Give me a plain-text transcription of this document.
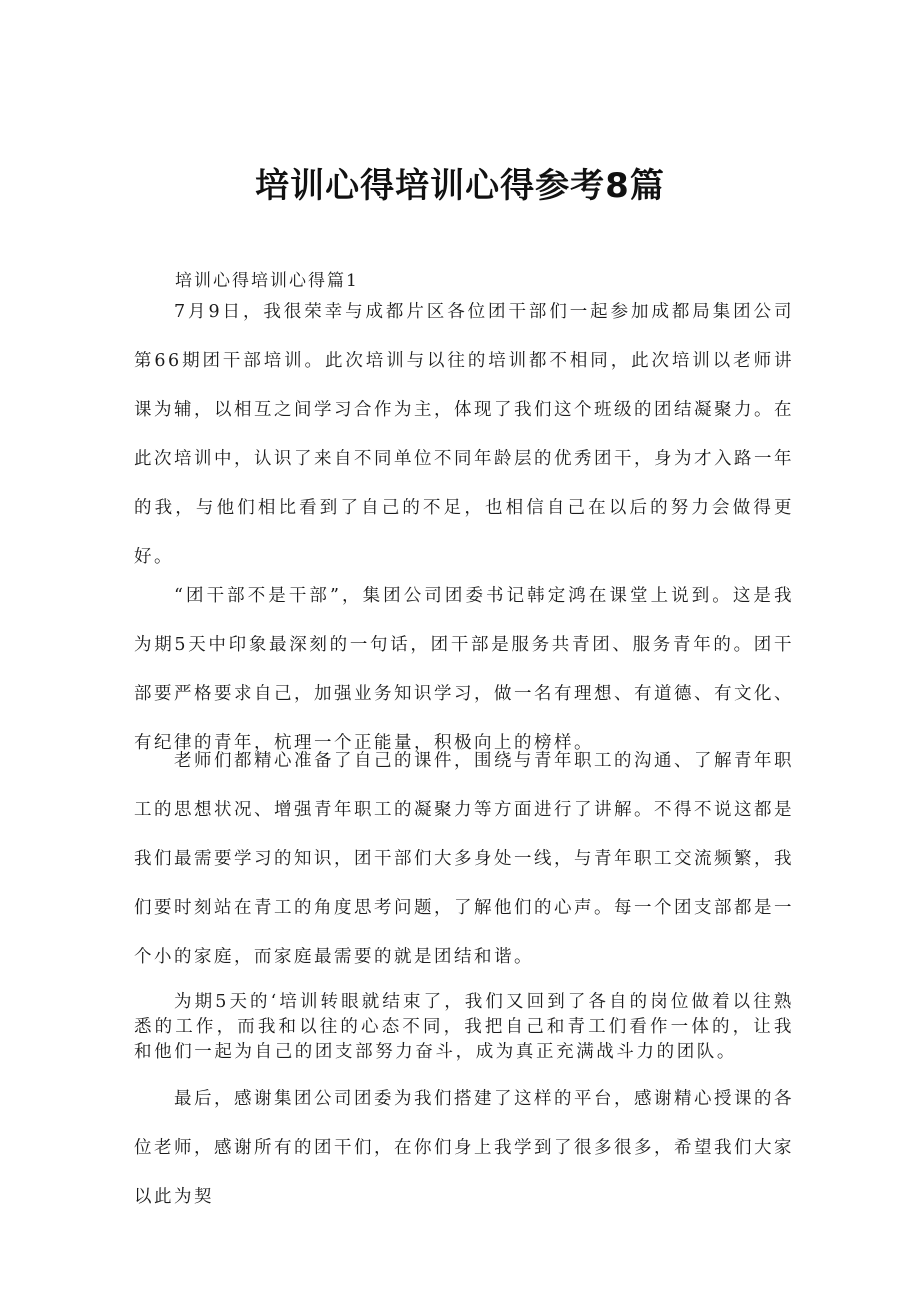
培训心得培训心得参考8篇
培训心得培训心得篇1

7月9日，我很荣幸与成都片区各位团干部们一起参加成都局集团公司第66期团干部培训。此次培训与以往的培训都不相同，此次培训以老师讲课为辅，以相互之间学习合作为主，体现了我们这个班级的团结凝聚力。在此次培训中，认识了来自不同单位不同年龄层的优秀团干，身为才入路一年的我，与他们相比看到了自己的不足，也相信自己在以后的努力会做得更好。

“团干部不是干部”，集团公司团委书记韩定鸿在课堂上说到。这是我为期5天中印象最深刻的一句话，团干部是服务共青团、服务青年的。团干部要严格要求自己，加强业务知识学习，做一名有理想、有道德、有文化、有纪律的青年，杭理一个正能量，积极向上的榜样。

老师们都精心准备了自己的课件，围绕与青年职工的沟通、了解青年职工的思想状况、增强青年职工的凝聚力等方面进行了讲解。不得不说这都是我们最需要学习的知识，团干部们大多身处一线，与青年职工交流频繁，我们要时刻站在青工的角度思考问题，了解他们的心声。每一个团支部都是一个小的家庭，而家庭最需要的就是团结和谐。

为期5天的‘培训转眼就结束了，我们又回到了各自的岗位做着以往熟悉的工作，而我和以往的心态不同，我把自己和青工们看作一体的，让我和他们一起为自己的团支部努力奋斗，成为真正充满战斗力的团队。

最后，感谢集团公司团委为我们搭建了这样的平台，感谢精心授课的各位老师，感谢所有的团干们，在你们身上我学到了很多很多，希望我们大家以此为契
